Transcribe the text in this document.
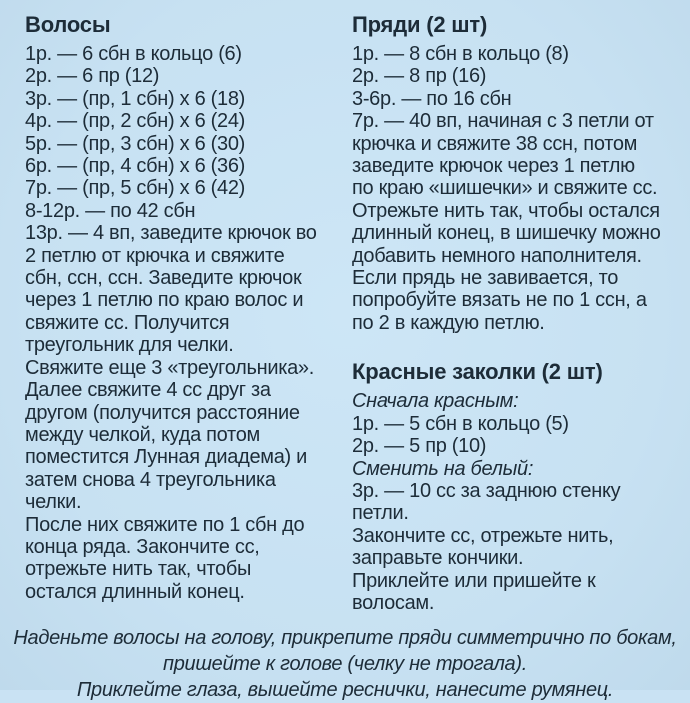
Волосы
1р. — 6 сбн в кольцо (6)
2р. — 6 пр (12)
3р. — (пр, 1 сбн) х 6 (18)
4р. — (пр, 2 сбн) х 6 (24)
5р. — (пр, 3 сбн) х 6 (30)
6р. — (пр, 4 сбн) х 6 (36)
7р. — (пр, 5 сбн) х 6 (42)
8-12р. — по 42 сбн
13р. — 4 вп, заведите крючок во
2 петлю от крючка и свяжите
сбн, ссн, ссн. Заведите крючок
через 1 петлю по краю волос и
свяжите сс. Получится
треугольник для челки.
Свяжите еще 3 «треугольника».
Далее свяжите 4 сс друг за
другом (получится расстояние
между челкой, куда потом
поместится Лунная диадема) и
затем снова 4 треугольника
челки.
После них свяжите по 1 сбн до
конца ряда. Закончите сс,
отрежьте нить так, чтобы
остался длинный конец.
Пряди (2 шт)
1р. — 8 сбн в кольцо (8)
2р. — 8 пр (16)
3-6р. — по 16 сбн
7р. — 40 вп, начиная с 3 петли от
крючка и свяжите 38 ссн, потом
заведите крючок через 1 петлю
по краю «шишечки» и свяжите сс.
Отрежьте нить так, чтобы остался
длинный конец, в шишечку можно
добавить немного наполнителя.
Если прядь не завивается, то
попробуйте вязать не по 1 ссн, а
по 2 в каждую петлю.
Красные заколки (2 шт)
Сначала красным:
1р. — 5 сбн в кольцо (5)
2р. — 5 пр (10)
Сменить на белый:
3р. — 10 сс за заднюю стенку
петли.
Закончите сс, отрежьте нить,
заправьте кончики.
Приклейте или пришейте к
волосам.
Наденьте волосы на голову, прикрепите пряди симметрично по бокам,
пришейте к голове (челку не трогала).
Приклейте глаза, вышейте реснички, нанесите румянец.
